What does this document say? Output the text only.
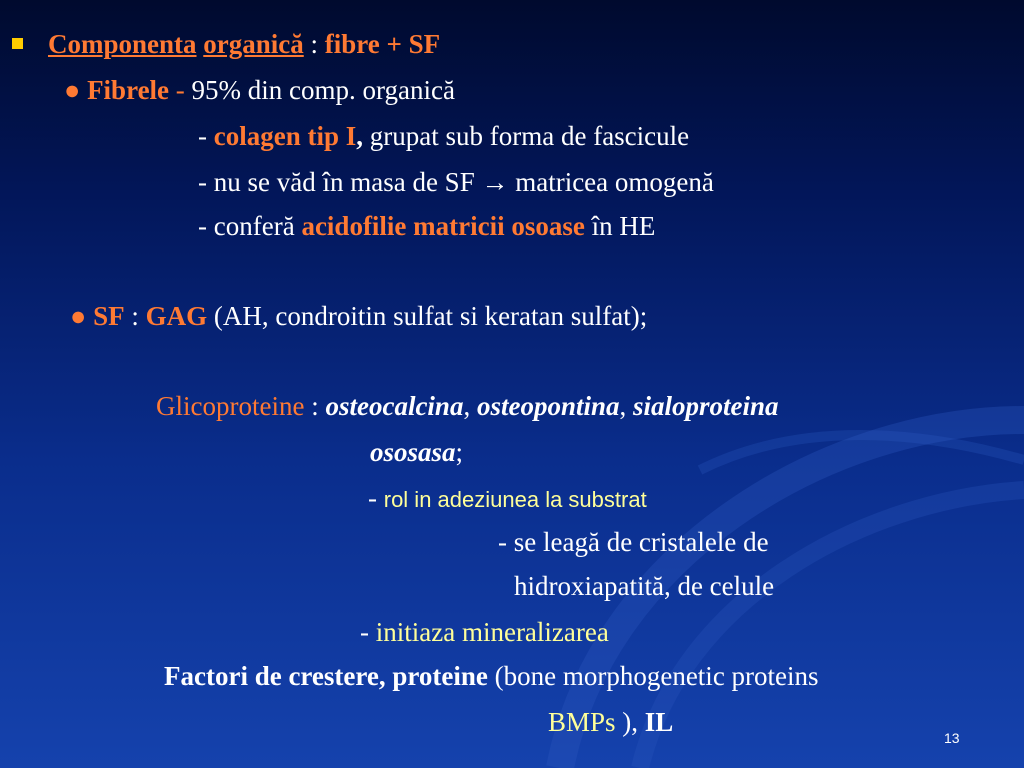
Componenta organică : fibre + SF
● Fibrele - 95% din comp. organică
- colagen tip I, grupat sub forma de fascicule
- nu se văd în masa de SF → matricea omogenă
- conferă acidofilie matricii osoase în HE
● SF : GAG (AH, condroitin sulfat si keratan sulfat);
Glicoproteine : osteocalcina, osteopontina, sialoproteina
ososasa;
- rol in adeziunea la substrat
- se leagă de cristalele de
hidroxiapatită, de celule
- initiaza mineralizarea
Factori de crestere, proteine (bone morphogenetic proteins
BMPs ), IL
13
